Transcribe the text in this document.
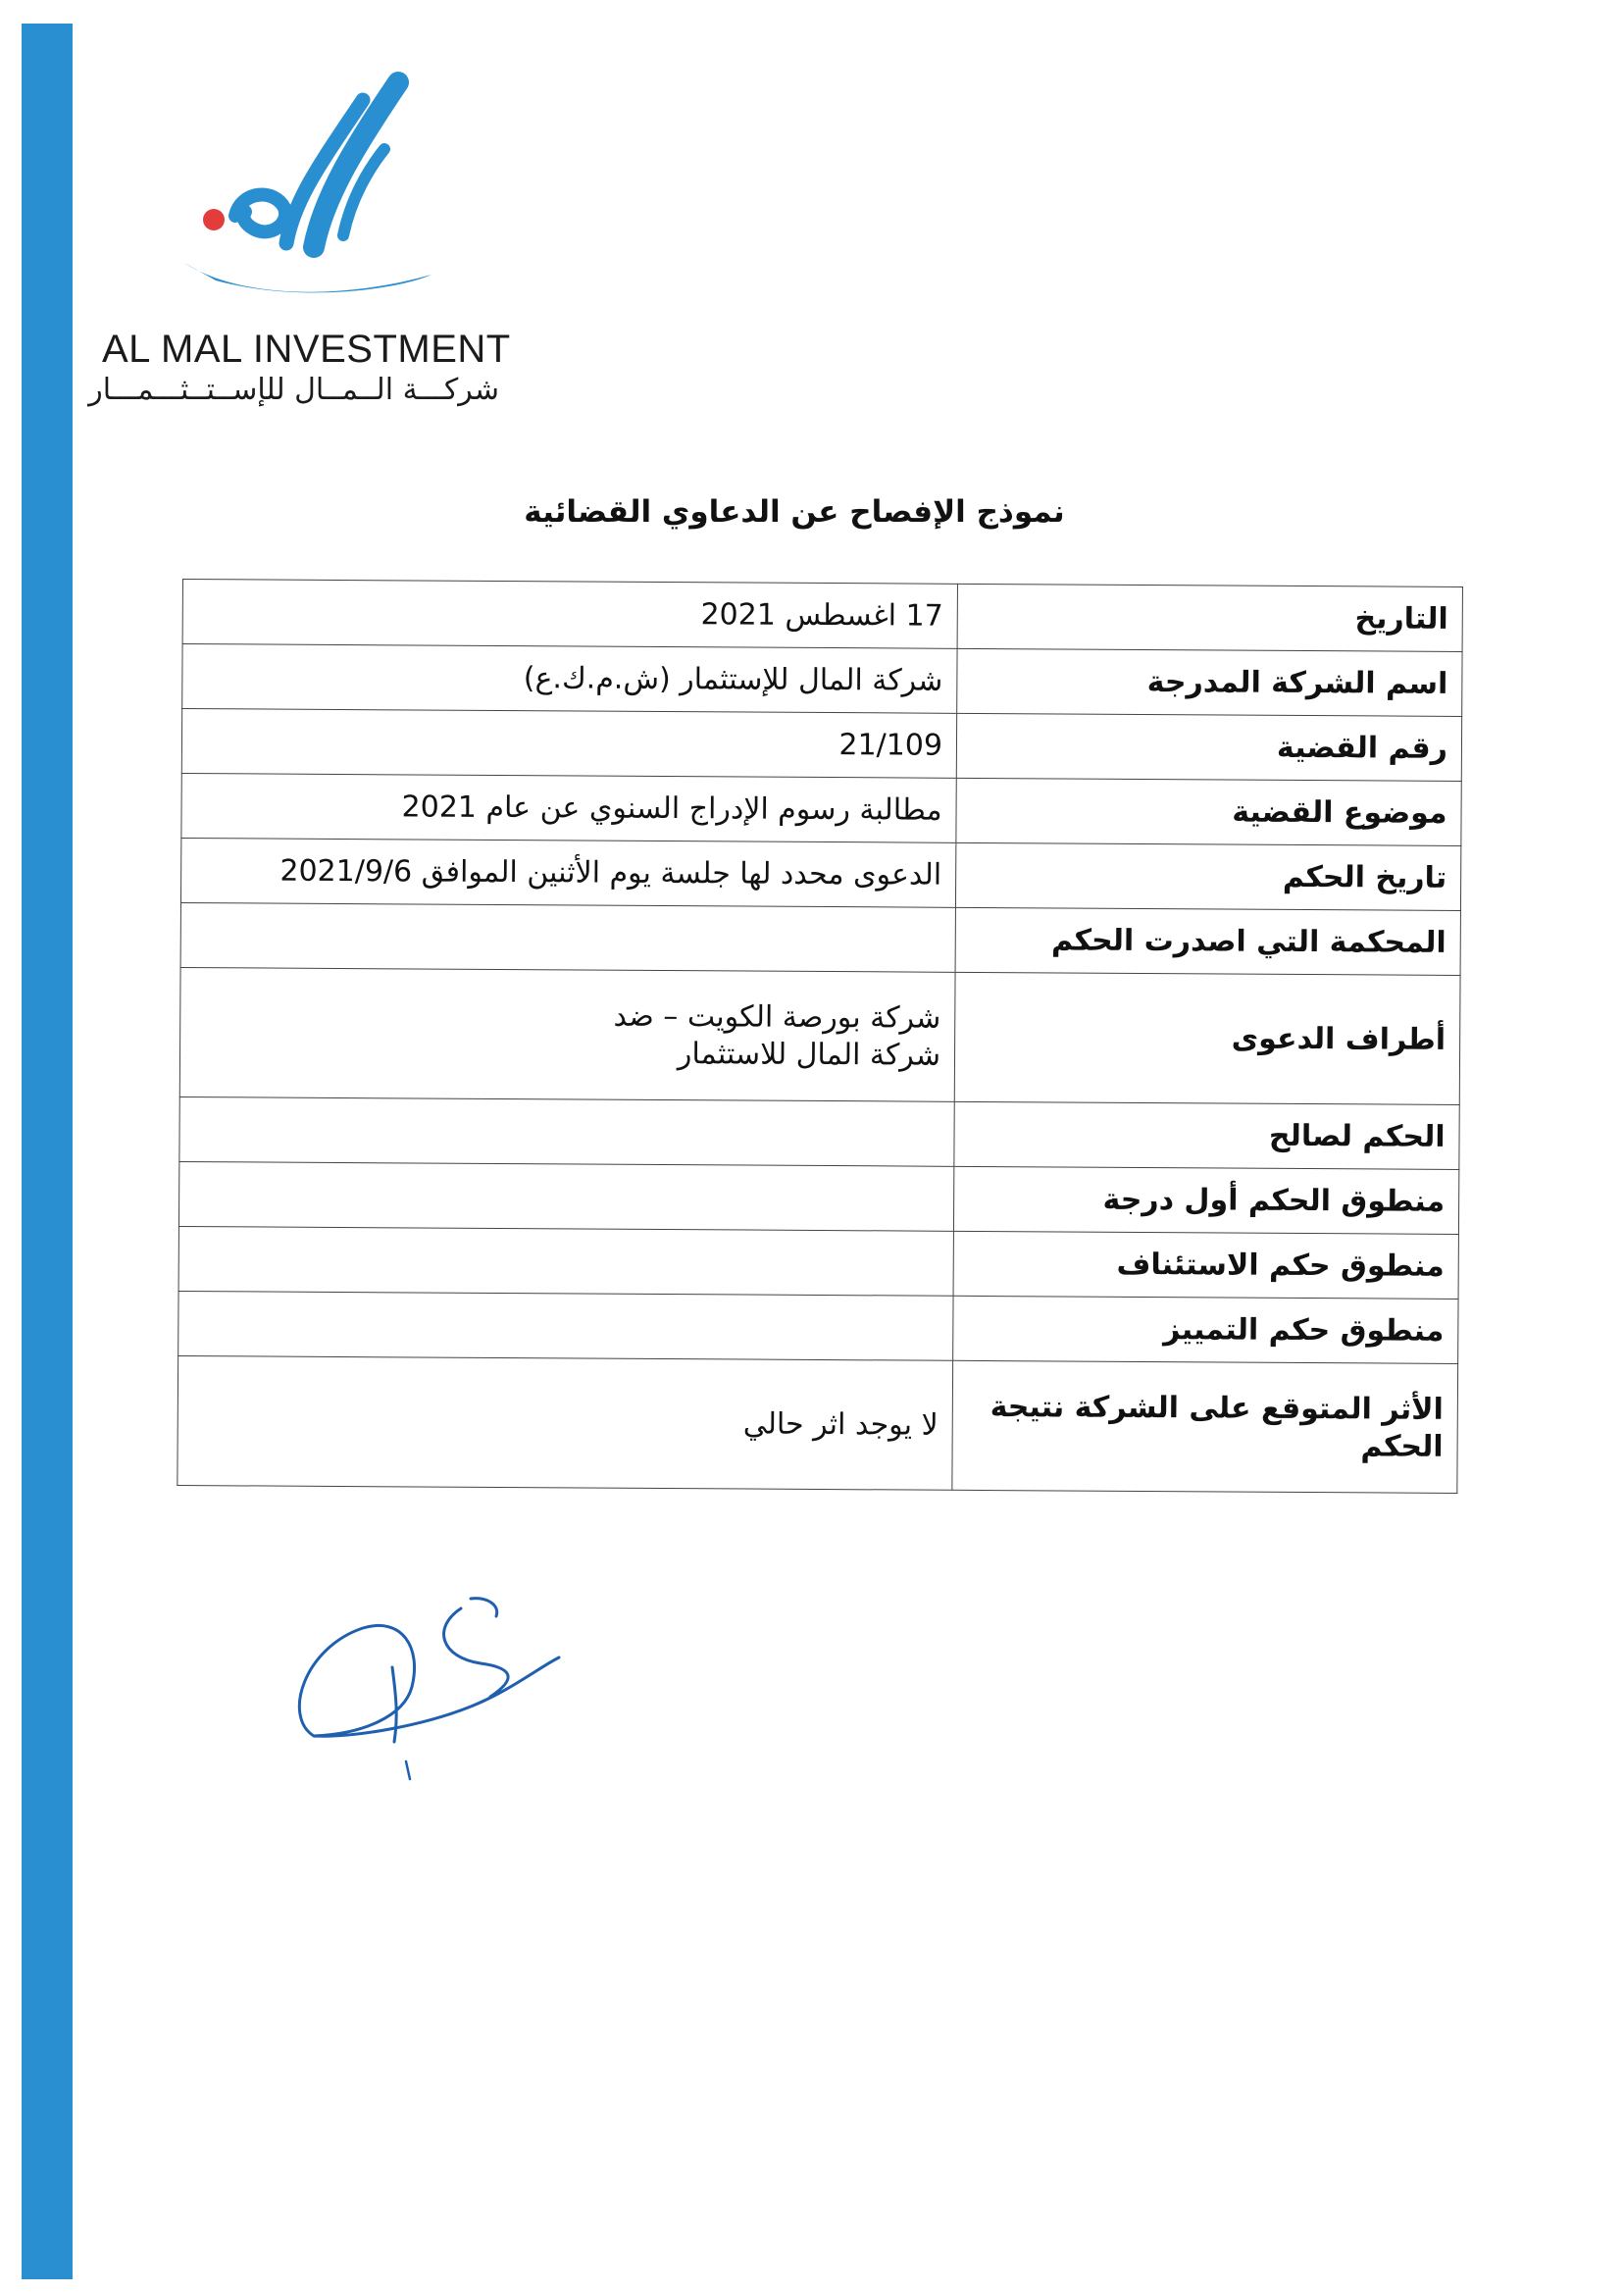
AL MAL INVESTMENT
شركـــة الــمــال للإســتــثـــمـــار
نموذج الإفصاح عن الدعاوي القضائية
التاريخ	17 اغسطس 2021
اسم الشركة المدرجة	شركة المال للإستثمار (ش.م.ك.ع)
رقم القضية	21/109
موضوع القضية	مطالبة رسوم الإدراج السنوي عن عام 2021
تاريخ الحكم	الدعوى محدد لها جلسة يوم الأثنين الموافق 2021/9/6
المحكمة التي اصدرت الحكم	
أطراف الدعوى	شركة بورصة الكويت – ضد
شركة المال للاستثمار

الحكم لصالح	
منطوق الحكم أول درجة	
منطوق حكم الاستئناف	
منطوق حكم التمييز	

الأثر المتوقع على الشركة نتيجة
الحكم	لا يوجد اثر حالي
